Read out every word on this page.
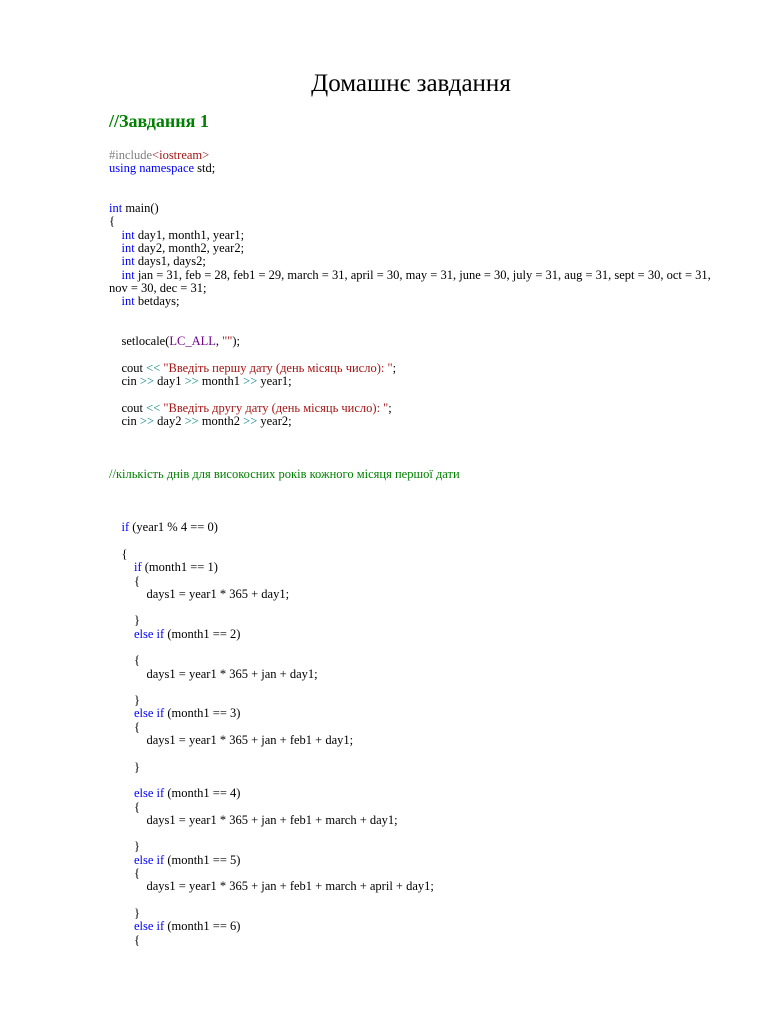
Домашнє завдання
//Завдання 1
#include<iostream>
using namespace std;
int main()
{
int day1, month1, year1;
int day2, month2, year2;
int days1, days2;
int jan = 31, feb = 28, feb1 = 29, march = 31, april = 30, may = 31, june = 30, july = 31, aug = 31, sept = 30, oct = 31,
nov = 30, dec = 31;
int betdays;
setlocale(LC_ALL, "");
cout << "Введіть першу дату (день місяць число): ";
cin >> day1 >> month1 >> year1;
cout << "Введіть другу дату (день місяць число): ";
cin >> day2 >> month2 >> year2;
//кількість днів для високосних років кожного місяця першої дати
if (year1 % 4 == 0)
{
if (month1 == 1)
{
days1 = year1 * 365 + day1;
}
else if (month1 == 2)
{
days1 = year1 * 365 + jan + day1;
}
else if (month1 == 3)
{
days1 = year1 * 365 + jan + feb1 + day1;
}
else if (month1 == 4)
{
days1 = year1 * 365 + jan + feb1 + march + day1;
}
else if (month1 == 5)
{
days1 = year1 * 365 + jan + feb1 + march + april + day1;
}
else if (month1 == 6)
{
